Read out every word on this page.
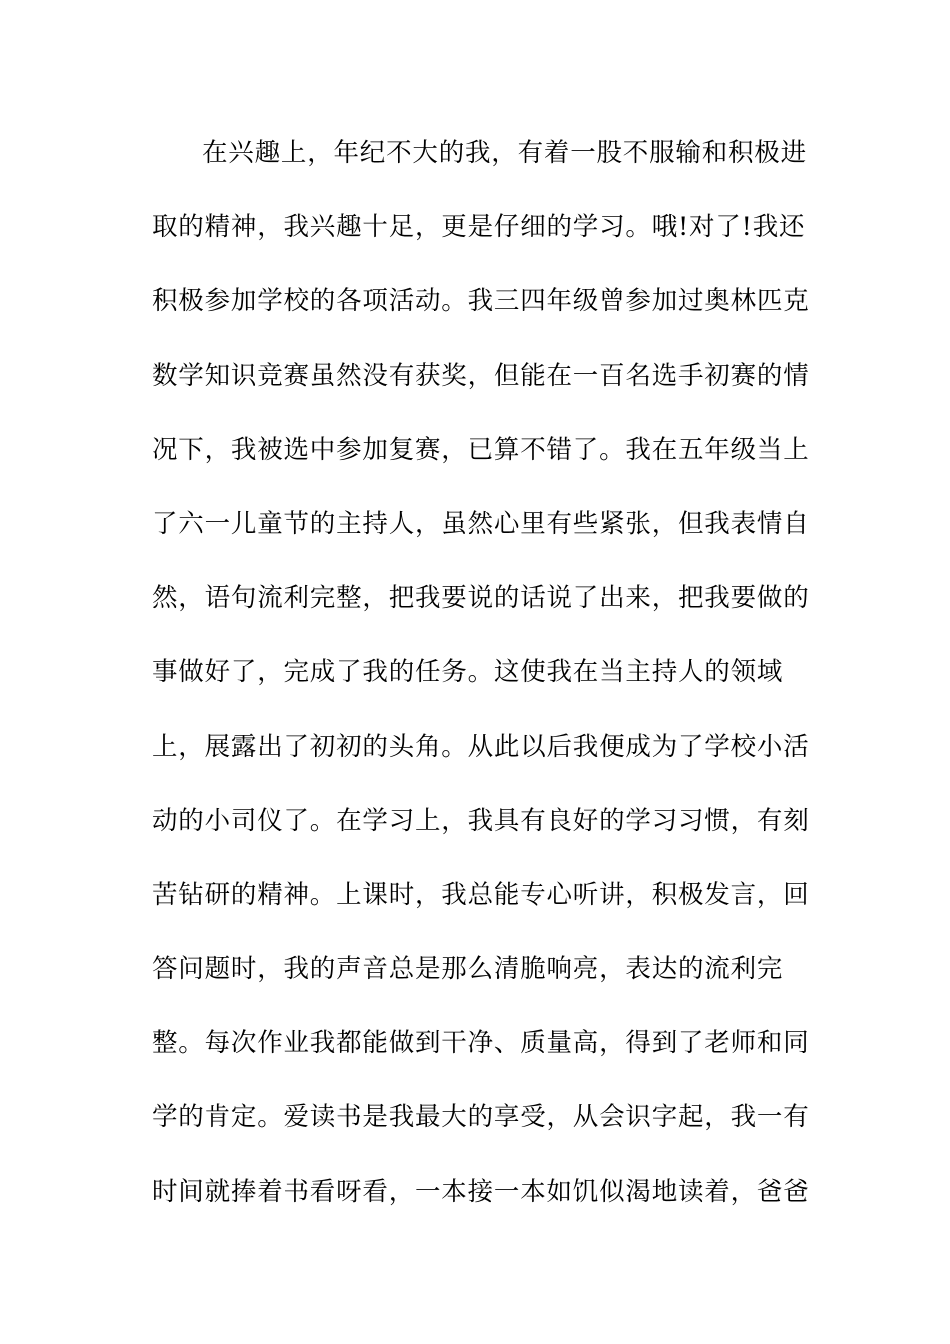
在兴趣上，年纪不大的我，有着一股不服输和积极进
取的精神，我兴趣十足，更是仔细的学习。哦!对了!我还
积极参加学校的各项活动。我三四年级曾参加过奥林匹克
数学知识竞赛虽然没有获奖，但能在一百名选手初赛的情
况下，我被选中参加复赛，已算不错了。我在五年级当上
了六一儿童节的主持人，虽然心里有些紧张，但我表情自
然，语句流利完整，把我要说的话说了出来，把我要做的
事做好了，完成了我的任务。这使我在当主持人的领域
上，展露出了初初的头角。从此以后我便成为了学校小活
动的小司仪了。在学习上，我具有良好的学习习惯，有刻
苦钻研的精神。上课时，我总能专心听讲，积极发言，回
答问题时，我的声音总是那么清脆响亮，表达的流利完
整。每次作业我都能做到干净、质量高，得到了老师和同
学的肯定。爱读书是我最大的享受，从会识字起，我一有
时间就捧着书看呀看，一本接一本如饥似渴地读着，爸爸
